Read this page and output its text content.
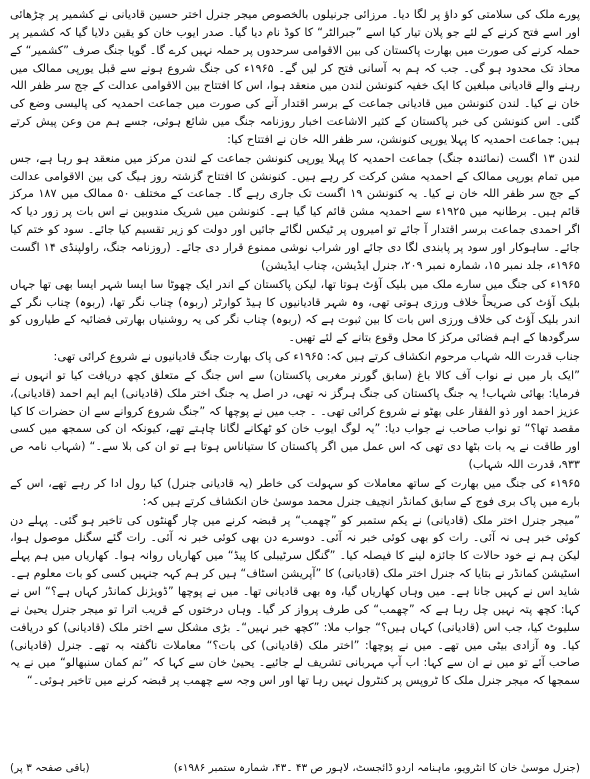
پورے ملک کی سلامتی کو داؤ پر لگا دیا۔ مرزائی جرنیلوں بالخصوص میجر جنرل اختر حسین قادیانی نے کشمیر پر چڑھائی اور اسے فتح کرنے کے لئے جو پلان تیار کیا اسے ”جبرالٹر“ کا کوڈ نام دیا گیا۔ صدر ایوب خان کو یقین دلایا گیا کہ کشمیر پر حملہ کرنے کی صورت میں بھارت پاکستان کی بین الاقوامی سرحدوں پر حملہ نہیں کرے گا۔ گویا جنگ صرف ”کشمیر“ کے محاذ تک محدود ہو گی۔ جب کہ ہم بہ آسانی فتح کر لیں گے۔ ۱۹۶۵ء کی جنگ شروع ہونے سے قبل یورپی ممالک میں رہنے والے قادیانی مبلغین کا ایک خفیہ کنونشن لندن میں منعقد ہوا، اس کا افتتاح بین الاقوامی عدالت کے جج سر ظفر اللہ خان نے کیا۔ لندن کنونشن میں قادیانی جماعت کے برسر اقتدار آنے کی صورت میں جماعت احمدیہ کی پالیسی وضع کی گئی۔ اس کنونشن کی خبر پاکستان کے کثیر الاشاعت اخبار روزنامہ جنگ میں شائع ہوئی، جسے ہم من وعن پیش کرتے ہیں: جماعت احمدیہ کا پہلا یورپی کنونشن، سر ظفر اللہ خان نے افتتاح کیا:

لندن ۱۳ اگست (نمائندہ جنگ) جماعت احمدیہ کا پہلا یورپی کنونشن جماعت کے لندن مرکز میں منعقد ہو رہا ہے، جس میں تمام یورپی ممالک کے احمدیہ مشن کرکت کر رہے ہیں۔ کنونشن کا افتتاح گزشتہ روز ہیگ کی بین الاقوامی عدالت کے جج سر ظفر اللہ خان نے کیا۔ یہ کنونشن ۱۹ اگست تک جاری رہے گا۔ جماعت کے مختلف ۵۰ ممالک میں ۱۸۷ مرکز قائم ہیں۔ برطانیہ میں ۱۹۲۵ء سے احمدیہ مشن قائم کیا گیا ہے۔ کنونشن میں شریک مندوبین نے اس بات پر زور دیا کہ اگر احمدی جماعت برسر اقتدار آ جائے تو امیروں پر ٹیکس لگائے جائیں اور دولت کو زیر تقسیم کیا جائے۔ سود کو ختم کیا جائے۔ ساہوکار اور سود پر پابندی لگا دی جائے اور شراب نوشی ممنوع قرار دی جائے۔ (روزنامہ جنگ، راولپنڈی ۱۴ اگست ۱۹۶۵ء، جلد نمبر ۱۵، شمارہ نمبر ۲۰۹، جنرل ایڈیشن، چناب ایڈیشن)

۱۹۶۵ء کی جنگ میں سارے ملک میں بلیک آؤٹ ہوتا تھا، لیکن پاکستان کے اندر ایک چھوٹا سا ایسا شہر ایسا بھی تھا جہاں بلیک آؤٹ کی صریحاً خلاف ورزی ہوتی تھی، وہ شہر قادیانیوں کا ہیڈ کوارٹر (ربوہ) چناب نگر تھا، (ربوہ) چناب نگر کے اندر بلیک آؤٹ کی خلاف ورزی اس بات کا بین ثبوت ہے کہ (ربوہ) چناب نگر کی یہ روشنیاں بھارتی فضائیہ کے طیاروں کو سرگودھا کے اہم فضائی مرکز کا محل وقوع بتانے کے لئے تھیں۔

جناب قدرت اللہ شہاب مرحوم انکشاف کرتے ہیں کہ: ۱۹۶۵ء کی پاک بھارت جنگ قادیانیوں نے شروع کرائی تھی:

”ایک بار میں نے نواب آف کالا باغ (سابق گورنر مغربی پاکستان) سے اس جنگ کے متعلق کچھ دریافت کیا تو انہوں نے فرمایا: بھائی شہاب! یہ جنگ پاکستان کی جنگ ہرگز نہ تھی، در اصل یہ جنگ اختر ملک (قادیانی) ایم ایم احمد (قادیانی)، عزیز احمد اور ذو الفقار علی بھٹو نے شروع کرائی تھی۔ ۔ جب میں نے پوچھا کہ ”جنگ شروع کروانے سے ان حضرات کا کیا مقصد تھا؟“ تو نواب صاحب نے جواب دیا: ”یہ لوگ ایوب خان کو ٹھکانے لگانا چاہتے تھے، کیونکہ ان کی سمجھ میں کسی اور طاقت نے یہ بات بٹھا دی تھی کہ اس عمل میں اگر پاکستان کا ستیاناس ہوتا ہے تو ان کی بلا سے۔“ (شہاب نامہ ص ۹۳۳، قدرت اللہ شہاب)

۱۹۶۵ء کی جنگ میں بھارت کے ساتھ معاملات کو سہولت کی خاطر (یہ قادیانی جنرل) کیا رول ادا کر رہے تھے، اس کے بارے میں پاک بری فوج کے سابق کمانڈر انچیف جنرل محمد موسیٰ خان انکشاف کرتے ہیں کہ:

”میجر جنرل اختر ملک (قادیانی) نے یکم ستمبر کو ”چھمب“ پر قبضہ کرنے میں چار گھنٹوں کی تاخیر ہو گئی۔ پہلے دن کوئی خبر ہی نہ آئی۔ رات کو بھی کوئی خبر نہ آئی۔ دوسرے دن بھی کوئی خبر نہ آئی۔ رات گئے سگنل موصول ہوا، لیکن ہم نے خود حالات کا جائزہ لینے کا فیصلہ کیا۔ ”گنگل سرٹیبلی کا پیڈ“ میں کھاریاں روانہ ہوا۔ کھاریاں میں ہم پہلے اسٹیشن کمانڈر نے بتایا کہ جنرل اختر ملک (قادیانی) کا ”آپریشن اسٹاف“ ہیں کر ہم کہہ جنہیں کسی کو بات معلوم ہے۔ شاید اس نے کہیں جانا ہے۔ میں وہاں کھاریاں گیا، وہ بھی قادیانی تھا۔ میں نے پوچھا ”ڈویژنل کمانڈر کہاں ہے؟“ اس نے کہا: کچھ پتہ نہیں چل رہا ہے کہ ”چھمب“ کی طرف پرواز کر گیا۔ وہاں درختوں کے قریب اترا تو میجر جنرل یحییٰ نے سلیوٹ کیا، جب اس (قادیانی) کہاں ہیں؟“ جواب ملا: ”کچھ خبر نہیں“۔ بڑی مشکل سے اختر ملک (قادیانی) کو دریافت کیا۔ وہ آزادی بیٹی میں تھے۔ میں نے پوچھا: ”اختر ملک (قادیانی) کی بات؟“ معاملات ناگفتہ بہ تھے۔ جنرل (قادیانی) صاحب آئے تو میں نے ان سے کہا: اب آپ مہربانی تشریف لے جائیے۔ یحییٰ خان سے کہا کہ ”تم کمان سنبھالو“ میں نے یہ سمجھا کہ میجر جنرل ملک کا ٹروپس پر کنٹرول نہیں رہا تھا اور اس وجہ سے چھمب پر قبضہ کرنے میں تاخیر ہوئی۔“

(جنرل موسیٰ خان کا انٹرویو، ماہنامہ اردو ڈائجسٹ، لاہور ص ۴۳ ۔۴۳، شمارہ ستمبر ۱۹۸۶ء)
(باقی صفحہ ۳ پر)
